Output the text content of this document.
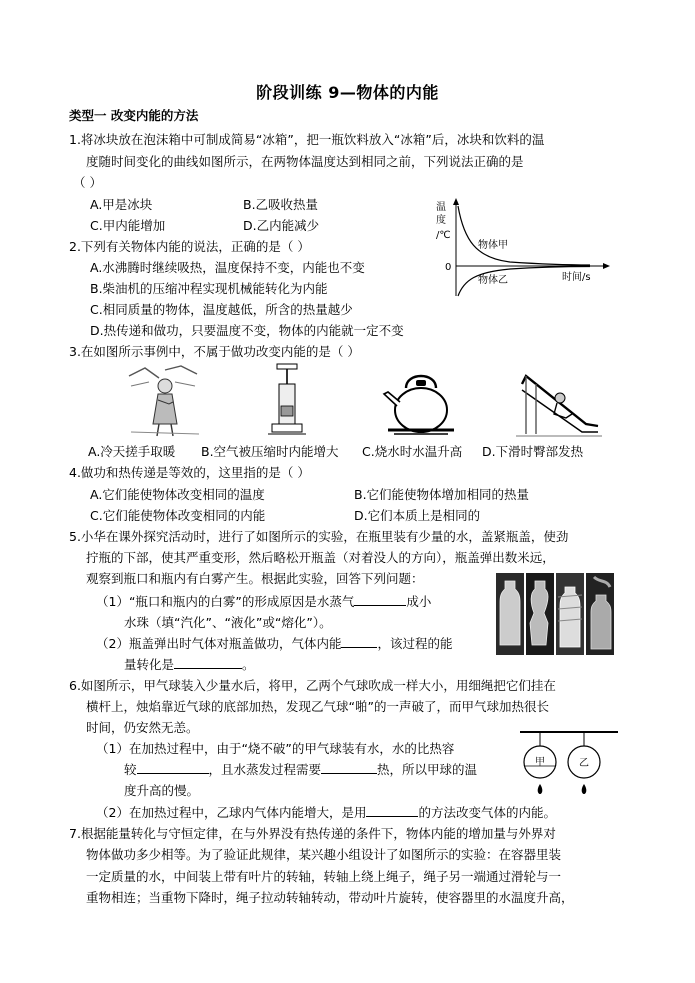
阶段训练 9—物体的内能
类型一 改变内能的方法
1.将冰块放在泡沫箱中可制成简易“冰箱”，把一瓶饮料放入“冰箱”后，冰块和饮料的温
度随时间变化的曲线如图所示，在两物体温度达到相同之前，下列说法正确的是
（ ）
A.甲是冰块	B.乙吸收热量
C.甲内能增加	D.乙内能减少
温
度
/℃
0
物体甲
物体乙	时间/s
2.下列有关物体内能的说法，正确的是（ ）
A.水沸腾时继续吸热，温度保持不变，内能也不变
B.柴油机的压缩冲程实现机械能转化为内能
C.相同质量的物体，温度越低，所含的热量越少
D.热传递和做功，只要温度不变，物体的内能就一定不变
3.在如图所示事例中，不属于做功改变内能的是（ ）
A.冷天搓手取暖 B.空气被压缩时内能增大 C.烧水时水温升高 D.下滑时臀部发热
4.做功和热传递是等效的，这里指的是（ ）
A.它们能使物体改变相同的温度	B.它们能使物体增加相同的热量
C.它们能使物体改变相同的内能	D.它们本质上是相同的
5.小华在课外探究活动时，进行了如图所示的实验，在瓶里装有少量的水，盖紧瓶盖，使劲
拧瓶的下部，使其严重变形，然后略松开瓶盖（对着没人的方向），瓶盖弹出数米远，
观察到瓶口和瓶内有白雾产生。根据此实验，回答下列问题：
（1）“瓶口和瓶内的白雾”的形成原因是水蒸气	成小
水珠（填“汽化”、“液化”或“熔化”）。
（2）瓶盖弹出时气体对瓶盖做功，气体内能	，该过程的能
量转化是	。
6.如图所示，甲气球装入少量水后，将甲，乙两个气球吹成一样大小，用细绳把它们挂在
横杆上，烛焰靠近气球的底部加热，发现乙气球“啪”的一声破了，而甲气球加热很长
时间，仍安然无恙。
（1）在加热过程中，由于“烧不破”的甲气球装有水，水的比热容
较	，且水蒸发过程需要	热，所以甲球的温
度升高的慢。
（2）在加热过程中，乙球内气体内能增大，是用	的方法改变气体的内能。
甲	乙
7.根据能量转化与守恒定律，在与外界没有热传递的条件下，物体内能的增加量与外界对
物体做功多少相等。为了验证此规律，某兴趣小组设计了如图所示的实验：在容器里装
一定质量的水，中间装上带有叶片的转轴，转轴上绕上绳子，绳子另一端通过滑轮与一
重物相连；当重物下降时，绳子拉动转轴转动，带动叶片旋转，使容器里的水温度升高，
